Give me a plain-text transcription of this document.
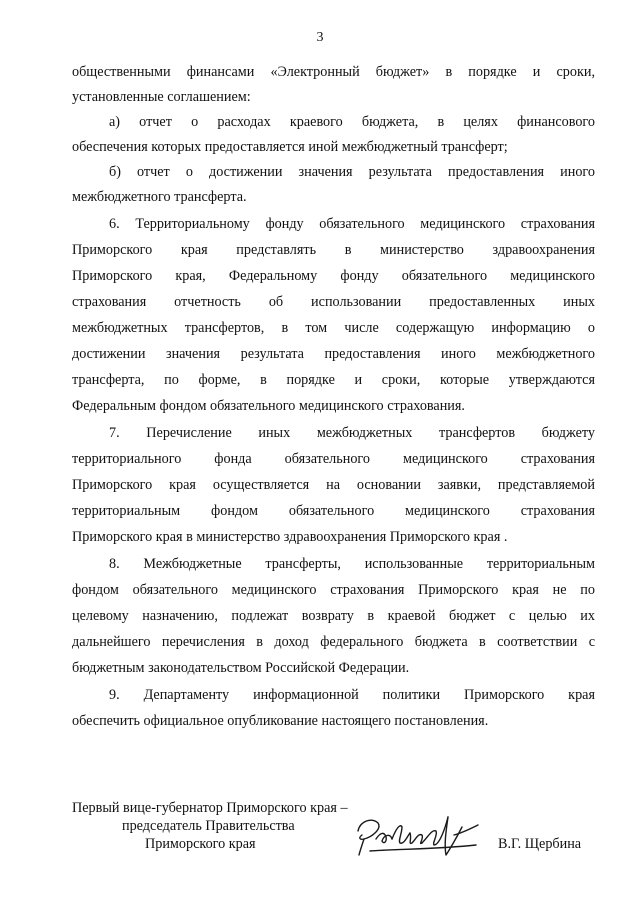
3
общественными финансами «Электронный бюджет» в порядке и сроки,
установленные соглашением:
а) отчет о расходах краевого бюджета, в целях финансового
обеспечения которых предоставляется иной межбюджетный трансферт;
б) отчет о достижении значения результата предоставления иного
межбюджетного трансферта.
6. Территориальному фонду обязательного медицинского страхования
Приморского края представлять в министерство здравоохранения
Приморского края, Федеральному фонду обязательного медицинского
страхования отчетность об использовании предоставленных иных
межбюджетных трансфертов, в том числе содержащую информацию о
достижении значения результата предоставления иного межбюджетного
трансферта, по форме, в порядке и сроки, которые утверждаются
Федеральным фондом обязательного медицинского страхования.
7. Перечисление иных межбюджетных трансфертов бюджету
территориального фонда обязательного медицинского страхования
Приморского края осуществляется на основании заявки, представляемой
территориальным фондом обязательного медицинского страхования
Приморского края в министерство здравоохранения Приморского края .
8. Межбюджетные трансферты, использованные территориальным
фондом обязательного медицинского страхования Приморского края не по
целевому назначению, подлежат возврату в краевой бюджет с целью их
дальнейшего перечисления в доход федерального бюджета в соответствии с
бюджетным законодательством Российской Федерации.
9. Департаменту информационной политики Приморского края
обеспечить официальное опубликование настоящего постановления.
Первый вице-губернатор Приморского края –
председатель Правительства
Приморского края	В.Г. Щербина
